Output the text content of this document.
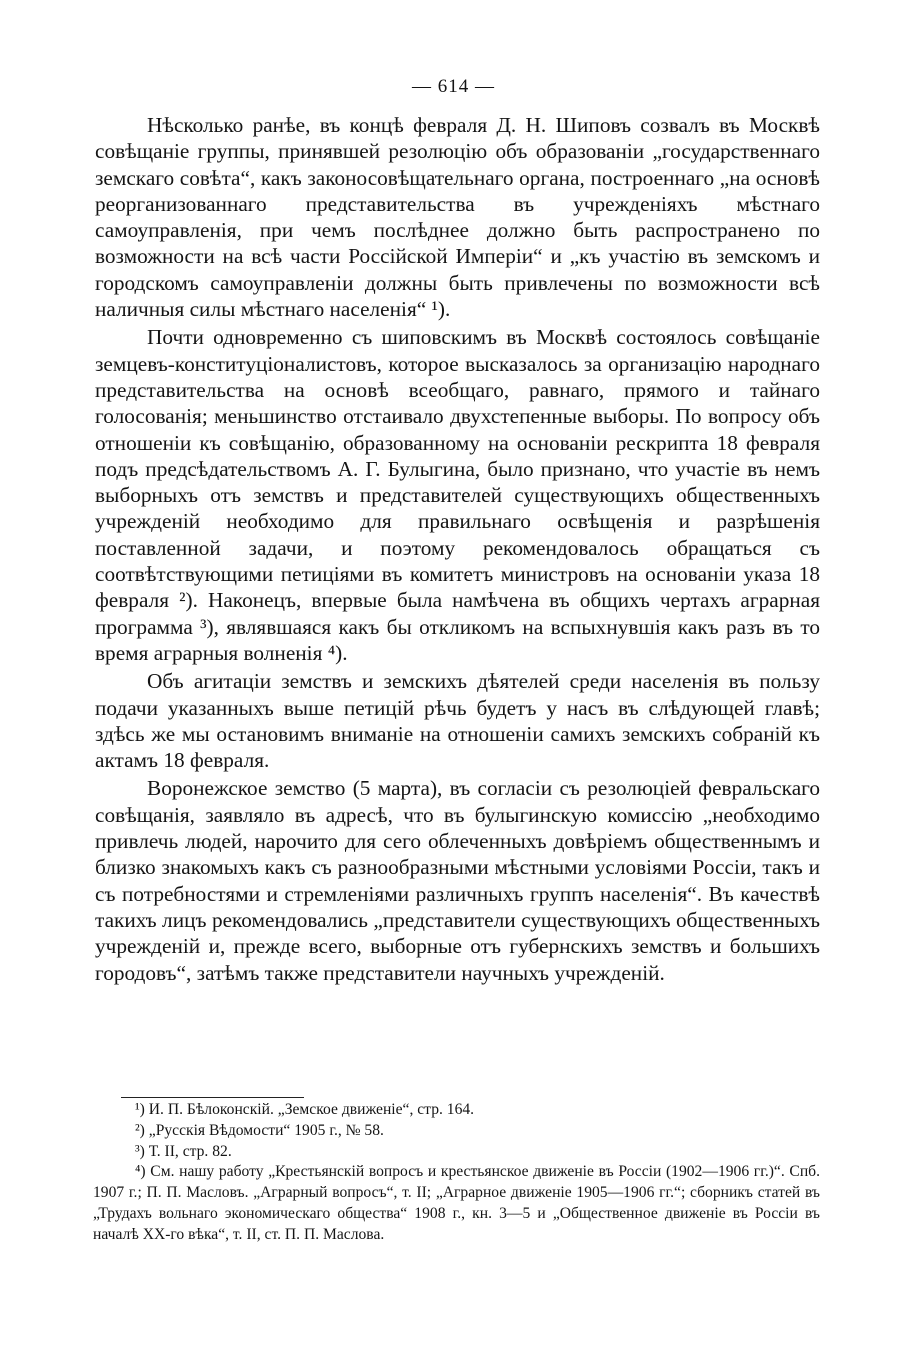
— 614 —

Нѣсколько ранѣе, въ концѣ февраля Д. Н. Шиповъ созвалъ въ Москвѣ совѣщаніе группы, принявшей резолюцію объ образованіи „государственнаго земскаго совѣта“, какъ законосовѣщательнаго органа, построеннаго „на основѣ реорганизованнаго представительства въ учрежденіяхъ мѣстнаго самоуправленія, при чемъ послѣднее должно быть распространено по возможности на всѣ части Россійской Имперіи“ и „къ участію въ земскомъ и городскомъ самоуправленіи должны быть привлечены по возможности всѣ наличныя силы мѣстнаго населенія“ ¹).

Почти одновременно съ шиповскимъ въ Москвѣ состоялось совѣщаніе земцевъ-конституціоналистовъ, которое высказалось за организацію народнаго представительства на основѣ всеобщаго, равнаго, прямого и тайнаго голосованія; меньшинство отстаивало двухстепенные выборы. По вопросу объ отношеніи къ совѣщанію, образованному на основаніи рескрипта 18 февраля подъ предсѣдательствомъ А. Г. Булыгина, было признано, что участіе въ немъ выборныхъ отъ земствъ и представителей существующихъ общественныхъ учрежденій необходимо для правильнаго освѣщенія и разрѣшенія поставленной задачи, и поэтому рекомендовалось обращаться съ соотвѣтствующими петиціями въ комитетъ министровъ на основаніи указа 18 февраля ²). Наконецъ, впервые была намѣчена въ общихъ чертахъ аграрная программа ³), являвшаяся какъ бы откликомъ на вспыхнувшія какъ разъ въ то время аграрныя волненія ⁴).

Объ агитаціи земствъ и земскихъ дѣятелей среди населенія въ пользу подачи указанныхъ выше петицій рѣчь будетъ у насъ въ слѣдующей главѣ; здѣсь же мы остановимъ вниманіе на отношеніи самихъ земскихъ собраній къ актамъ 18 февраля.

Воронежское земство (5 марта), въ согласіи съ резолюціей февральскаго совѣщанія, заявляло въ адресѣ, что въ булыгинскую комиссію „необходимо привлечь людей, нарочито для сего облеченныхъ довѣріемъ общественнымъ и близко знакомыхъ какъ съ разнообразными мѣстными условіями Россіи, такъ и съ потребностями и стремленіями различныхъ группъ населенія“. Въ качествѣ такихъ лицъ рекомендовались „представители существующихъ общественныхъ учрежденій и, прежде всего, выборные отъ губернскихъ земствъ и большихъ городовъ“, затѣмъ также представители научныхъ учрежденій.

¹) И. П. Бѣлоконскій. „Земское движеніе“, стр. 164.

²) „Русскія Вѣдомости“ 1905 г., № 58.

³) Т. II, стр. 82.

⁴) См. нашу работу „Крестьянскій вопросъ и крестьянское движеніе въ Россіи (1902—1906 гг.)“. Спб. 1907 г.; П. П. Масловъ. „Аграрный вопросъ“, т. II; „Аграрное движеніе 1905—1906 гг.“; сборникъ статей въ „Трудахъ вольнаго экономическаго общества“ 1908 г., кн. 3—5 и „Общественное движеніе въ Россіи въ началѣ XX-го вѣка“, т. II, ст. П. П. Маслова.
